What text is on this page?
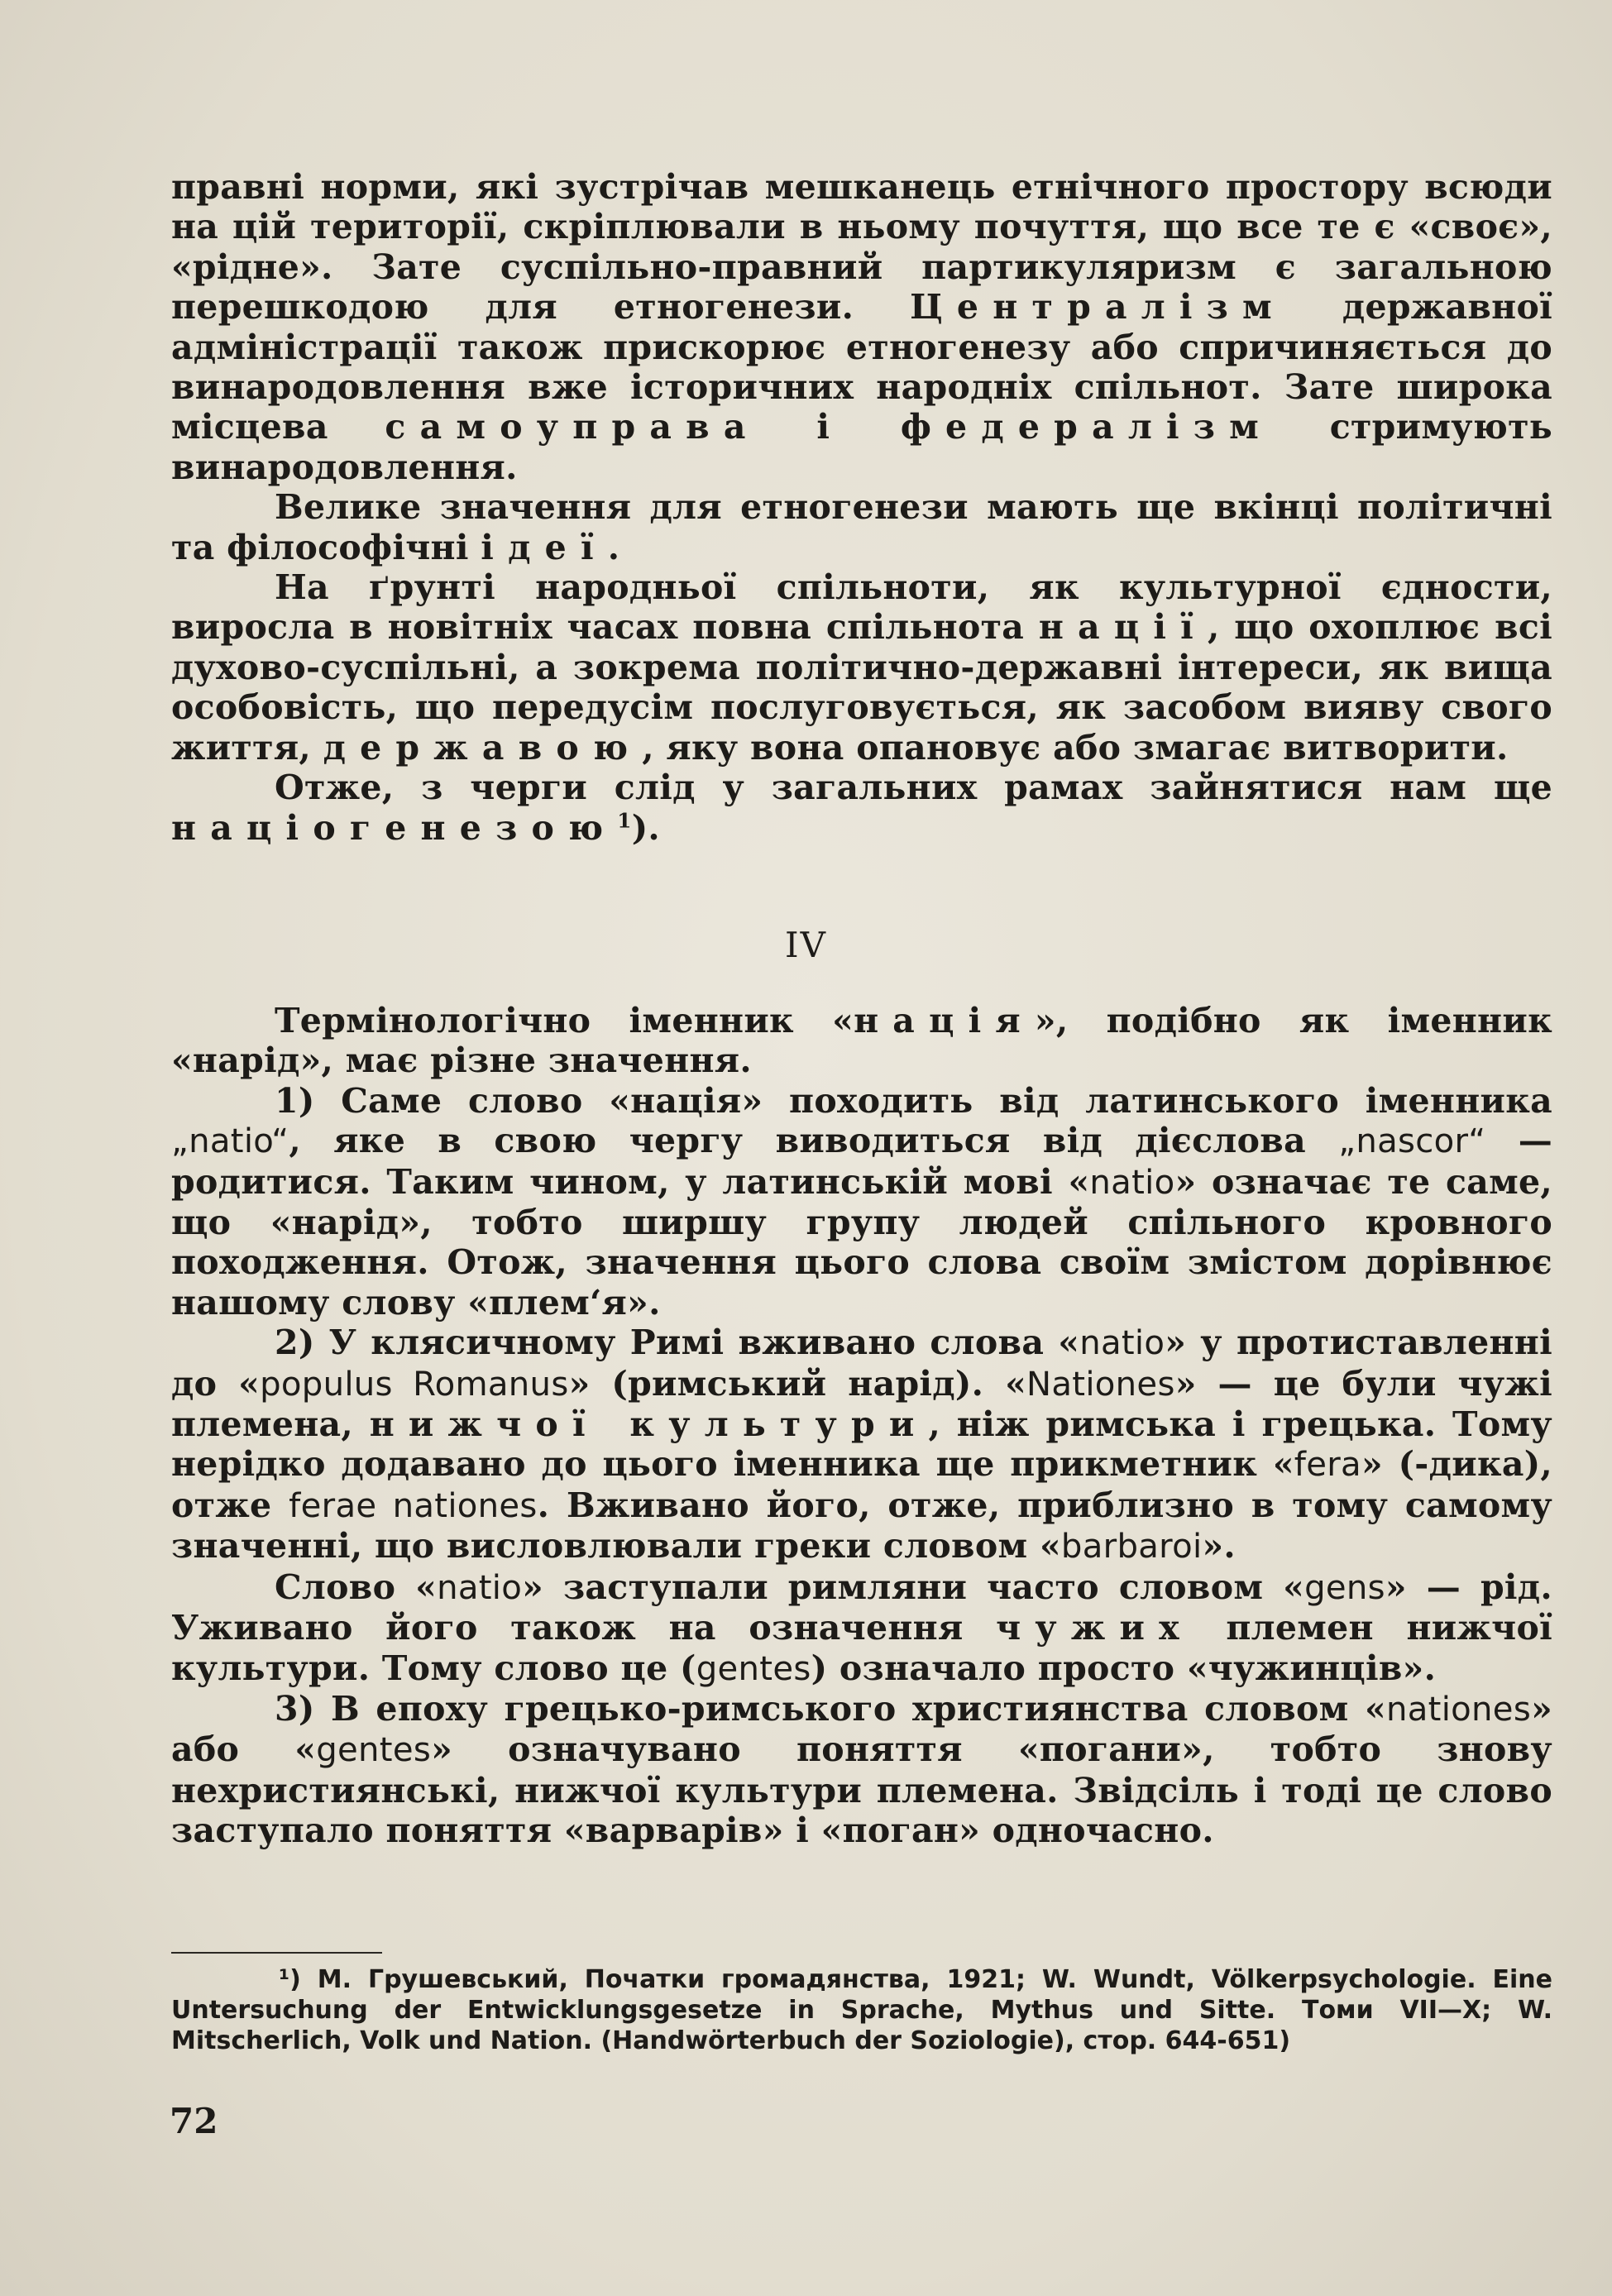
правні норми, які зустрічав мешканець етнічного простору всюди на цій території, скріплювали в ньому почуття, що все те є «своє», «рідне». Зате суспільно-правний партикуляризм є загальною перешкодою для етногенези. Централізм державної адміністрації також прискорює етногенезу або спричиняється до винародовлення вже історичних народніх спільнот. Зате широка місцева самоуправа і федералізм стримують винародовлення.

Велике значення для етногенези мають ще вкінці політичні та філософічні ідеї.

На ґрунті народньої спільноти, як культурної єдности, виросла в новітніх часах повна спільнота нації, що охоплює всі духово-суспільні, а зокрема політично-державні інтереси, як вища особовість, що передусім послуговується, як засобом вияву свого життя, державою, яку вона опановує або змагає витворити.

Отже, з черги слід у загальних рамах зайнятися нам ще націогенезою$^1$).

IV

Термінологічно іменник «нація», подібно як іменник «нарід», має різне значення.

1) Саме слово «нація» походить від латинського іменника „natio“, яке в свою чергу виводиться від дієслова „nascor“ — родитися. Таким чином, у латинській мові «natio» означає те саме, що «нарід», тобто ширшу групу людей спільного кровного походження. Отож, значення цього слова своїм змістом дорівнює нашому слову «плем‘я».

2) У клясичному Римі вживано слова «natio» у протиставленні до «populus Romanus» (римський нарід). «Nationes» — це були чужі племена, нижчої культури, ніж римська і грецька. Тому нерідко додавано до цього іменника ще прикметник «fera» (-дика), отже ferae nationes. Вживано його, отже, приблизно в тому самому значенні, що висловлювали греки словом «barbaroi».

Слово «natio» заступали римляни часто словом «gens» — рід. Уживано його також на означення чужих племен нижчої культури. Тому слово це (gentes) означало просто «чужинців».

3) В епоху грецько-римського християнства словом «nationes» або «gentes» означувано поняття «погани», тобто знову нехристиянські, нижчої культури племена. Звідсіль і тоді це слово заступало поняття «варварів» і «поган» одночасно.

¹) М. Грушевський, Початки громадянства, 1921; W. Wundt, Völkerpsychologie. Eine Untersuchung der Entwicklungsgesetze in Sprache, Mythus und Sitte. Томи VII—X; W. Mitscherlich, Volk und Nation. (Handwörterbuch der Soziologie), стор. 644-651)
72
